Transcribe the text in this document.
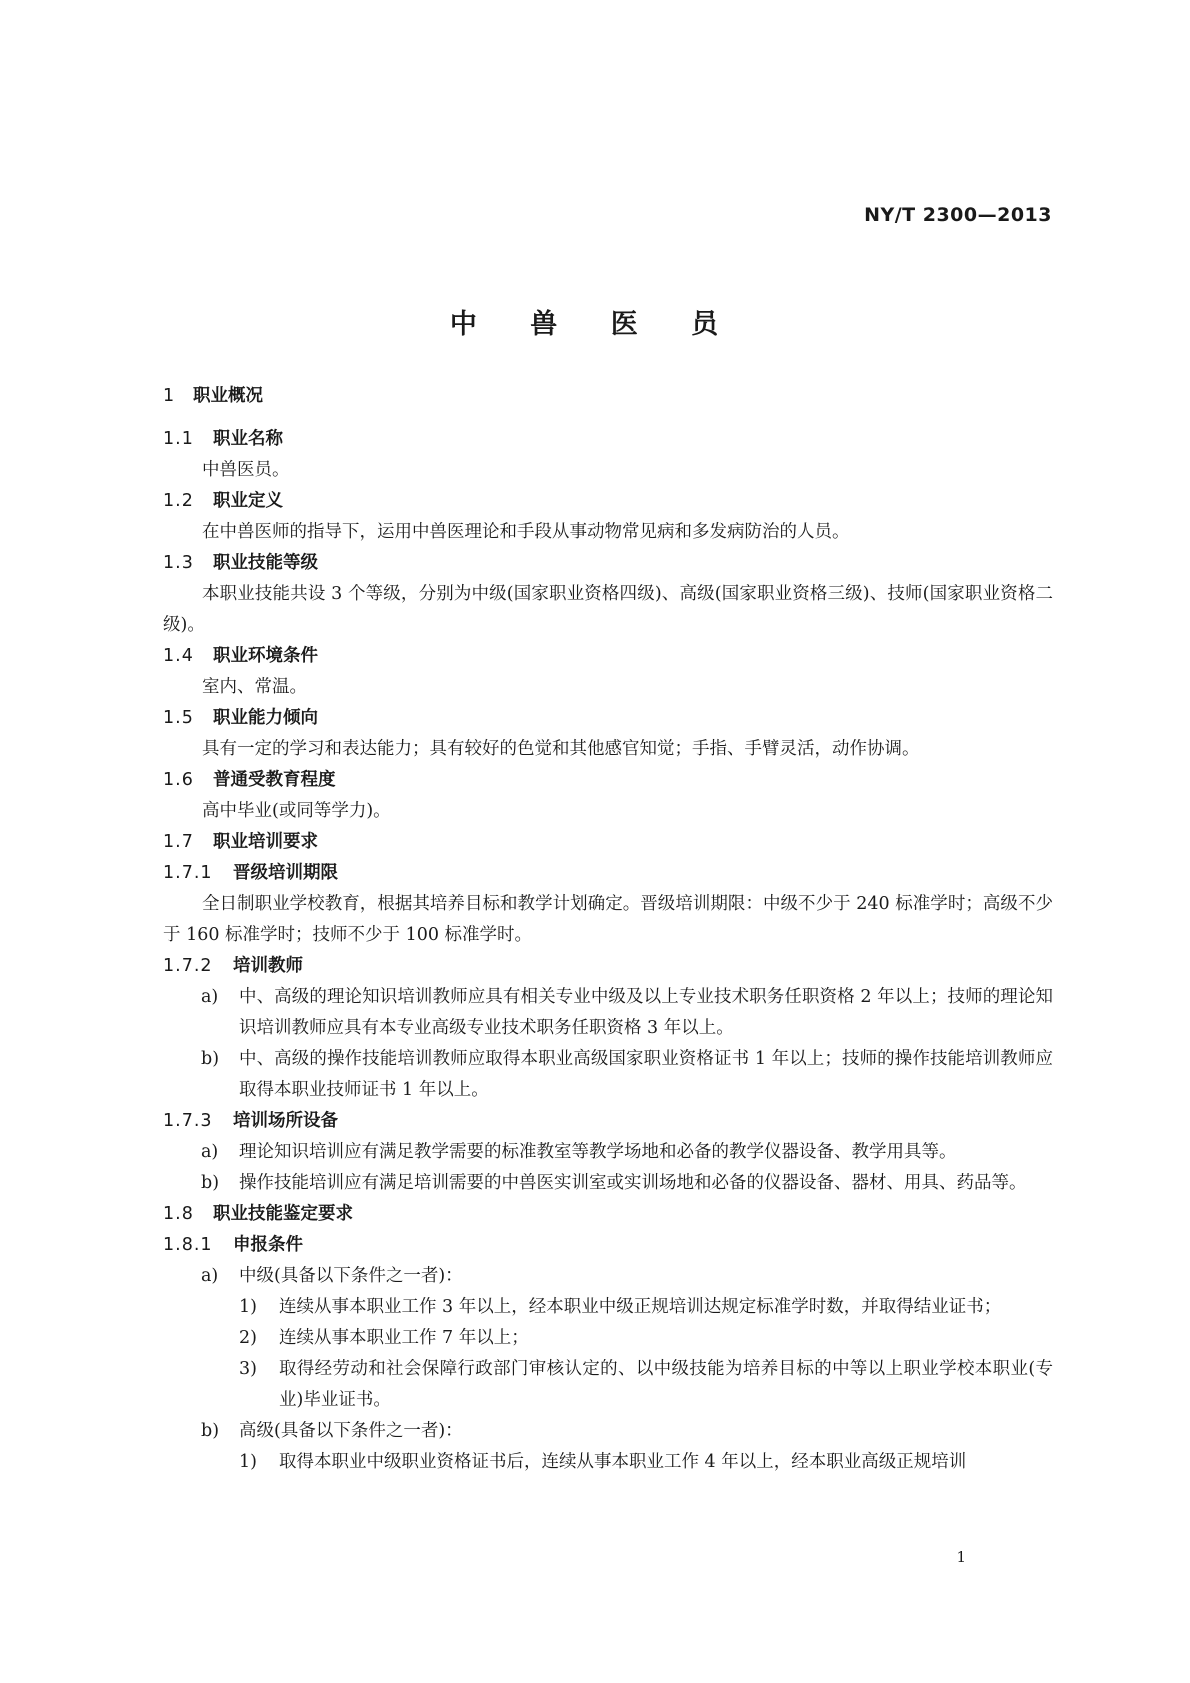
NY/T 2300—2013
中 兽 医 员
1	职业概况
1.1	职业名称
中兽医员。
1.2	职业定义
在中兽医师的指导下，运用中兽医理论和手段从事动物常见病和多发病防治的人员。
1.3	职业技能等级
本职业技能共设 3 个等级，分别为中级(国家职业资格四级)、高级(国家职业资格三级)、技师(国家职业资格二级)。
1.4	职业环境条件
室内、常温。
1.5	职业能力倾向
具有一定的学习和表达能力；具有较好的色觉和其他感官知觉；手指、手臂灵活，动作协调。
1.6	普通受教育程度
高中毕业(或同等学力)。
1.7	职业培训要求
1.7.1	晋级培训期限
全日制职业学校教育，根据其培养目标和教学计划确定。晋级培训期限：中级不少于 240 标准学时；高级不少于 160 标准学时；技师不少于 100 标准学时。
1.7.2	培训教师
a)	中、高级的理论知识培训教师应具有相关专业中级及以上专业技术职务任职资格 2 年以上；技师的理论知识培训教师应具有本专业高级专业技术职务任职资格 3 年以上。
b)	中、高级的操作技能培训教师应取得本职业高级国家职业资格证书 1 年以上；技师的操作技能培训教师应取得本职业技师证书 1 年以上。
1.7.3	培训场所设备
a)	理论知识培训应有满足教学需要的标准教室等教学场地和必备的教学仪器设备、教学用具等。
b)	操作技能培训应有满足培训需要的中兽医实训室或实训场地和必备的仪器设备、器材、用具、药品等。
1.8	职业技能鉴定要求
1.8.1	申报条件
a)	中级(具备以下条件之一者)：
1)	连续从事本职业工作 3 年以上，经本职业中级正规培训达规定标准学时数，并取得结业证书；
2)	连续从事本职业工作 7 年以上；
3)	取得经劳动和社会保障行政部门审核认定的、以中级技能为培养目标的中等以上职业学校本职业(专业)毕业证书。
b)	高级(具备以下条件之一者)：
1)	取得本职业中级职业资格证书后，连续从事本职业工作 4 年以上，经本职业高级正规培训
1
